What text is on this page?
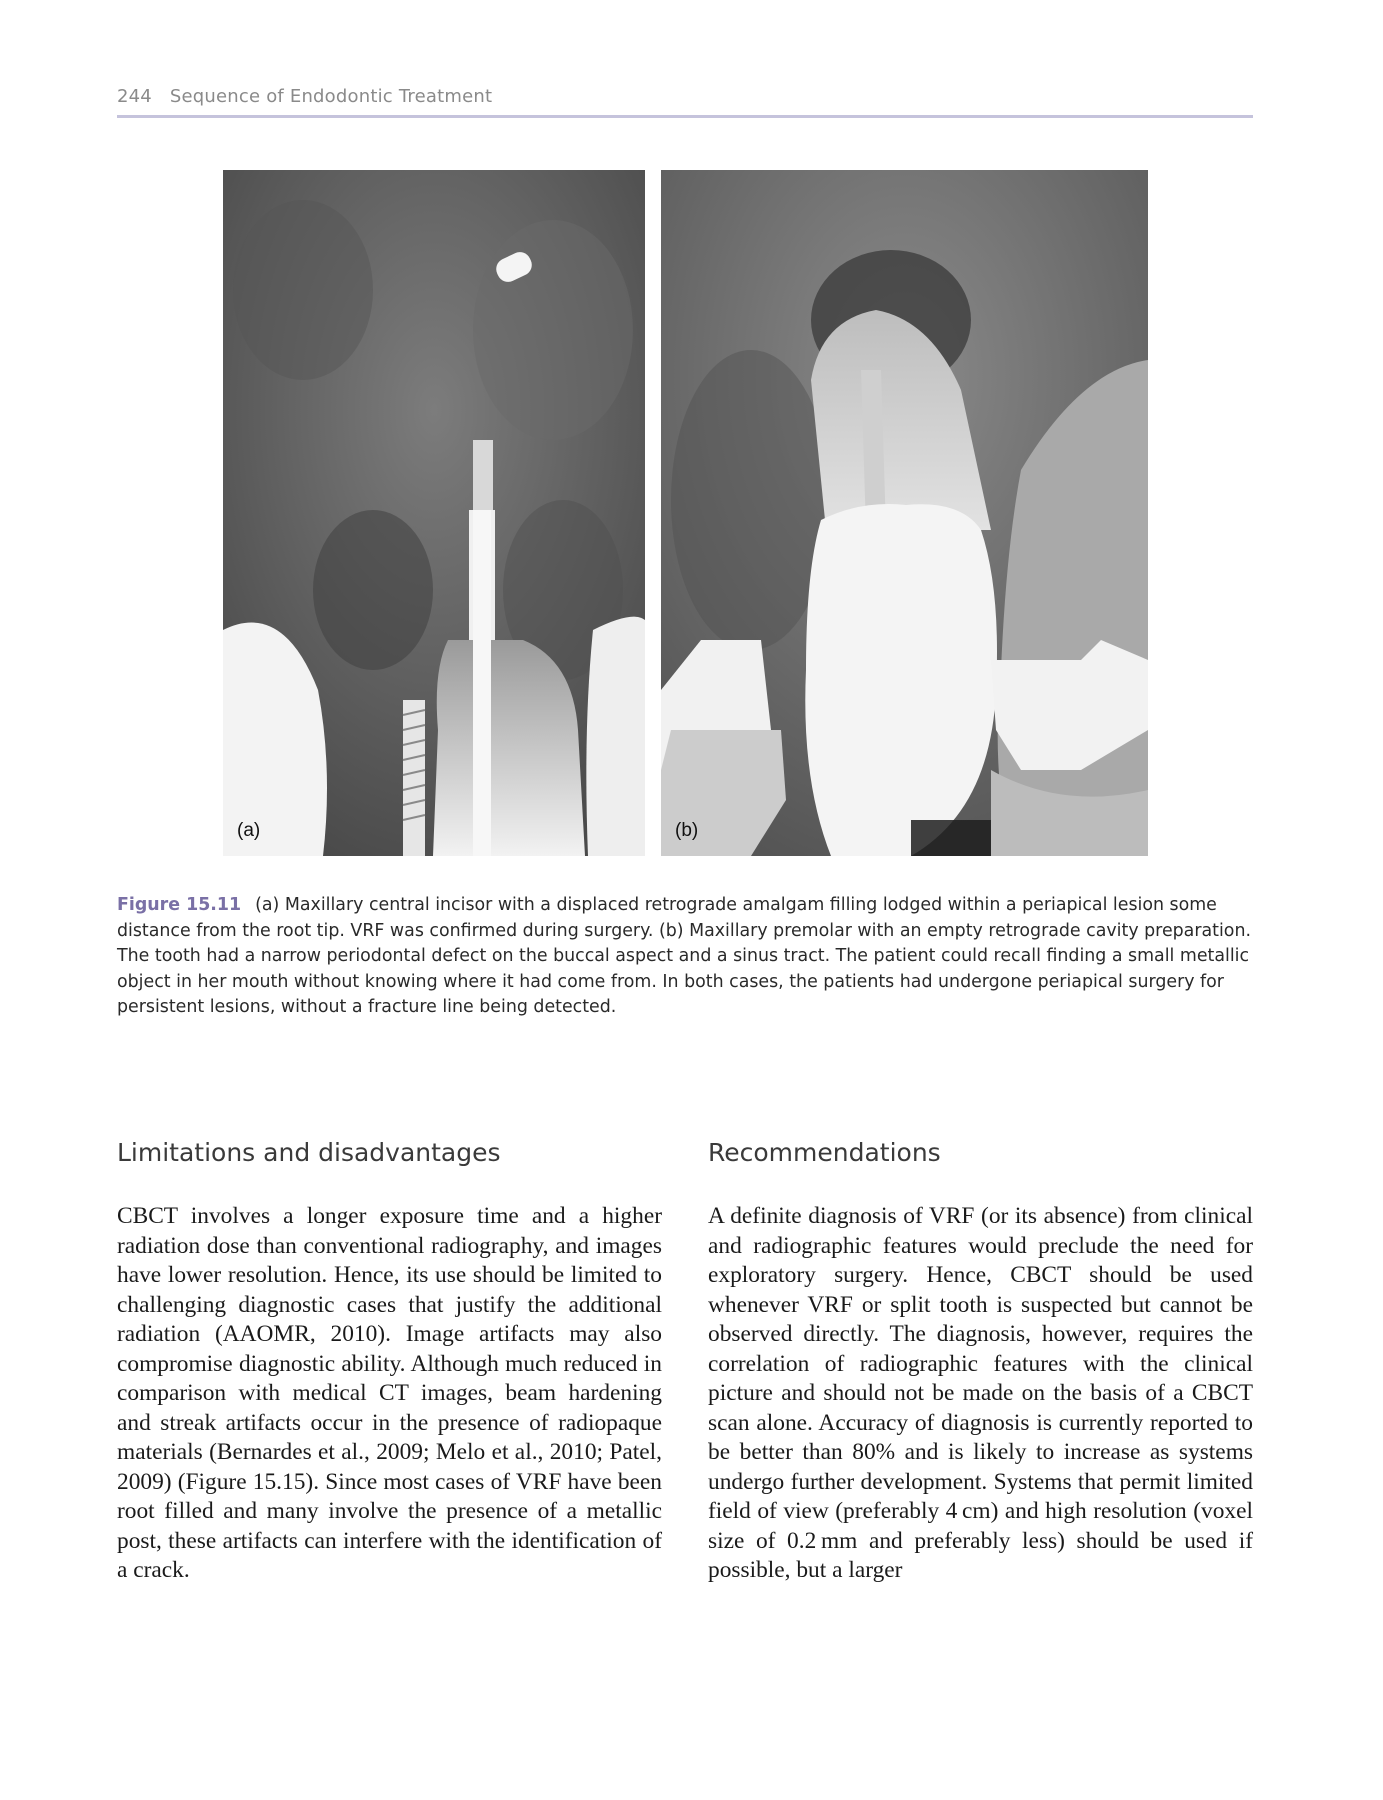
244 Sequence of Endodontic Treatment
(a)	(b)

Figure 15.11 (a) Maxillary central incisor with a displaced retrograde amalgam filling lodged within a periapical lesion some distance from the root tip. VRF was confirmed during surgery. (b) Maxillary premolar with an empty retrograde cavity preparation. The tooth had a narrow periodontal defect on the buccal aspect and a sinus tract. The patient could recall finding a small metallic object in her mouth without knowing where it had come from. In both cases, the patients had undergone periapical surgery for persistent lesions, without a fracture line being detected.

Limitations and disadvantages

CBCT involves a longer exposure time and a higher radiation dose than conventional radiography, and images have lower resolution. Hence, its use should be limited to challenging diagnostic cases that justify the additional radiation (AAOMR, 2010). Image artifacts may also compromise diagnostic ability. Although much reduced in comparison with medical CT images, beam hardening and streak artifacts occur in the presence of radiopaque materials (Bernardes et al., 2009; Melo et al., 2010; Patel, 2009) (Figure 15.15). Since most cases of VRF have been root filled and many involve the presence of a metallic post, these artifacts can interfere with the identification of a crack.

Recommendations

A definite diagnosis of VRF (or its absence) from clinical and radiographic features would preclude the need for exploratory surgery. Hence, CBCT should be used whenever VRF or split tooth is suspected but cannot be observed directly. The diagnosis, however, requires the correlation of radiographic features with the clinical picture and should not be made on the basis of a CBCT scan alone. Accuracy of diagnosis is currently reported to be better than 80% and is likely to increase as systems undergo further development. Systems that permit limited field of view (preferably 4 cm) and high resolution (voxel size of 0.2 mm and preferably less) should be used if possible, but a larger
